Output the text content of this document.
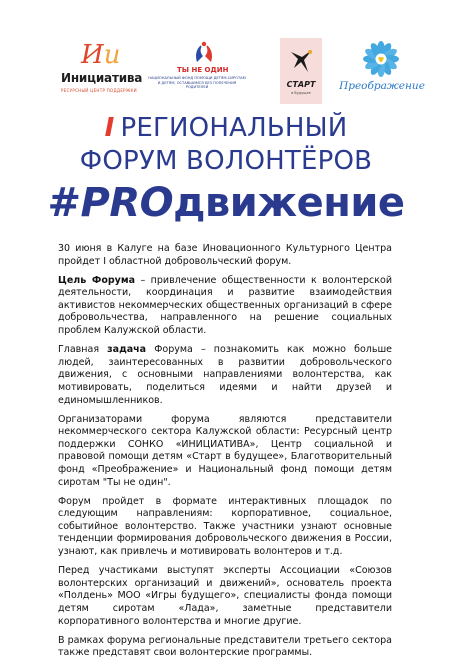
Ии
Инициатива
РЕСУРСНЫЙ ЦЕНТР ПОДДЕРЖКИ
ТЫ НЕ ОДИН
НАЦИОНАЛЬНЫЙ ФОНД ПОМОЩИ ДЕТЯМ-СИРОТАМ И ДЕТЯМ, ОСТАВШИМСЯ БЕЗ ПОПЕЧЕНИЯ РОДИТЕЛЕЙ	СТАРТ
в будущее
Преображение
I РЕГИОНАЛЬНЫЙ
ФОРУМ ВОЛОНТЁРОВ
#PROдвижение

30 июня в Калуге на базе Иновационного Культурного Центра пройдет I областной добровольческий форум.

Цель Форума – привлечение общественности к волонтерской деятельности, координация и развитие взаимодействия активистов некоммерческих общественных организаций в сфере добровольчества, направленного на решение социальных проблем Калужской области.

Главная задача Форума – познакомить как можно больше людей, заинтересованных в развитии добровольческого движения, с основными направлениями волонтерства, как мотивировать, поделиться идеями и найти друзей и единомышленников.

Организаторами форума являются представители некоммерческого сектора Калужской области: Ресурсный центр поддержки СОНКО «ИНИЦИАТИВА», Центр социальной и правовой помощи детям «Старт в будущее», Благотворительный фонд «Преображение» и Национальный фонд помощи детям сиротам "Ты не один".

Форум пройдет в формате интерактивных площадок по следующим направлениям: корпоративное, социальное, событийное волонтерство. Также участники узнают основные тенденции формирования добровольческого движения в России, узнают, как привлечь и мотивировать волонтеров и т.д.

Перед участиками выступят эксперты Ассоциации «Союзов волонтерских организаций и движений», основатель проекта «Полдень» МОО «Игры будущего», специалисты фонда помощи детям сиротам «Лада», заметные представители корпоративного волонтерства и многие другие.

В рамках форума региональные представители третьего сектора также представят свои волонтерские программы.
